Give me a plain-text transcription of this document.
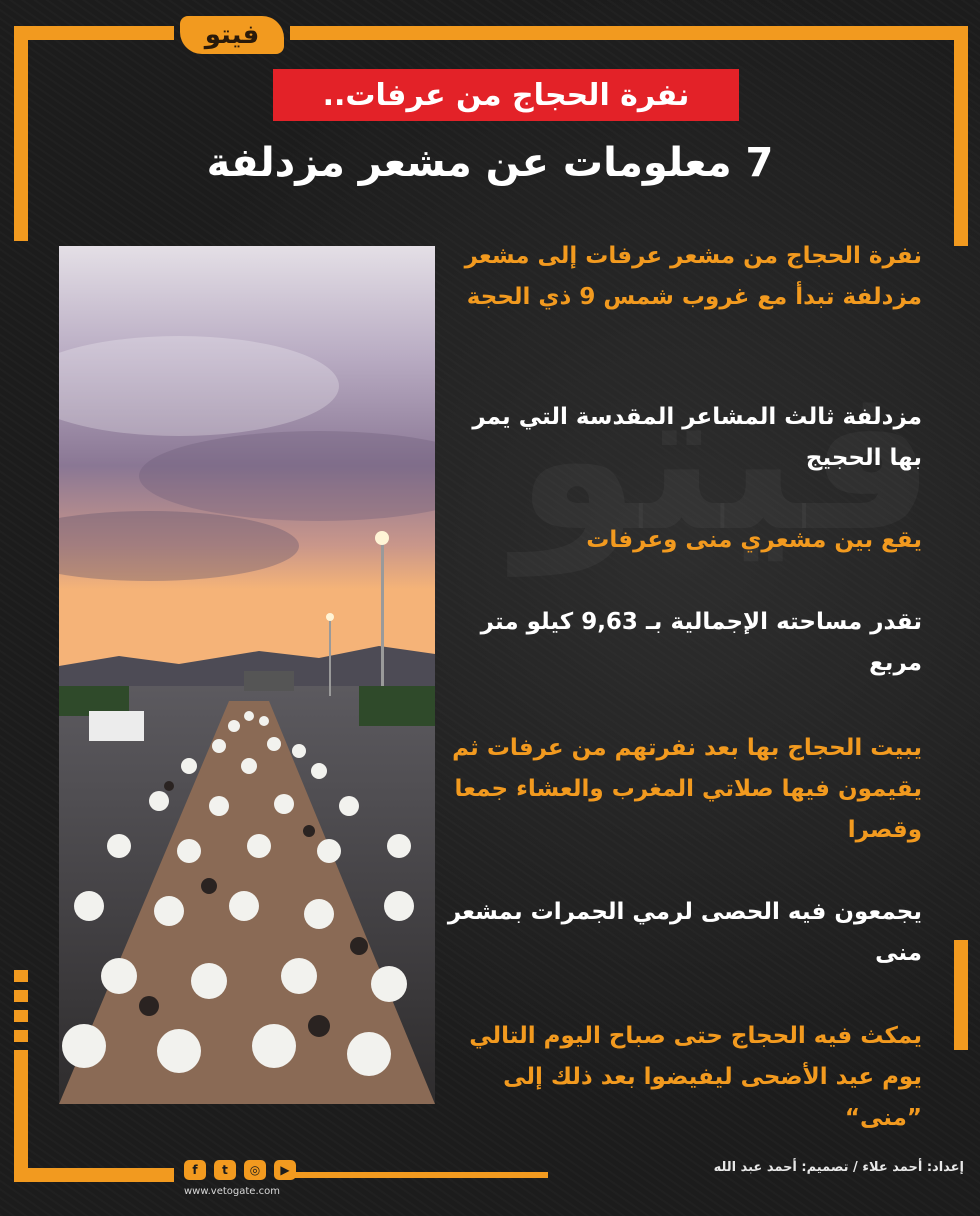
فيتو
نفرة الحجاج من عرفات..
7 معلومات عن مشعر مزدلفة
نفرة الحجاج من مشعر عرفات إلى مشعر مزدلفة تبدأ مع غروب شمس 9 ذي الحجة
مزدلفة ثالث المشاعر المقدسة التي يمر بها الحجيج
يقع بين مشعري منى وعرفات
تقدر مساحته الإجمالية بـ 9,63 كيلو متر مربع
يبيت الحجاج بها بعد نفرتهم من عرفات ثم يقيمون فيها صلاتي المغرب والعشاء جمعا وقصرا
يجمعون فيه الحصى لرمي الجمرات بمشعر منى
يمكث فيه الحجاج حتى صباح اليوم التالي يوم عيد الأضحى ليفيضوا بعد ذلك إلى ”منى“
f	t	◎	▶
www.vetogate.com
إعداد: أحمد علاء / تصميم: أحمد عبد الله
